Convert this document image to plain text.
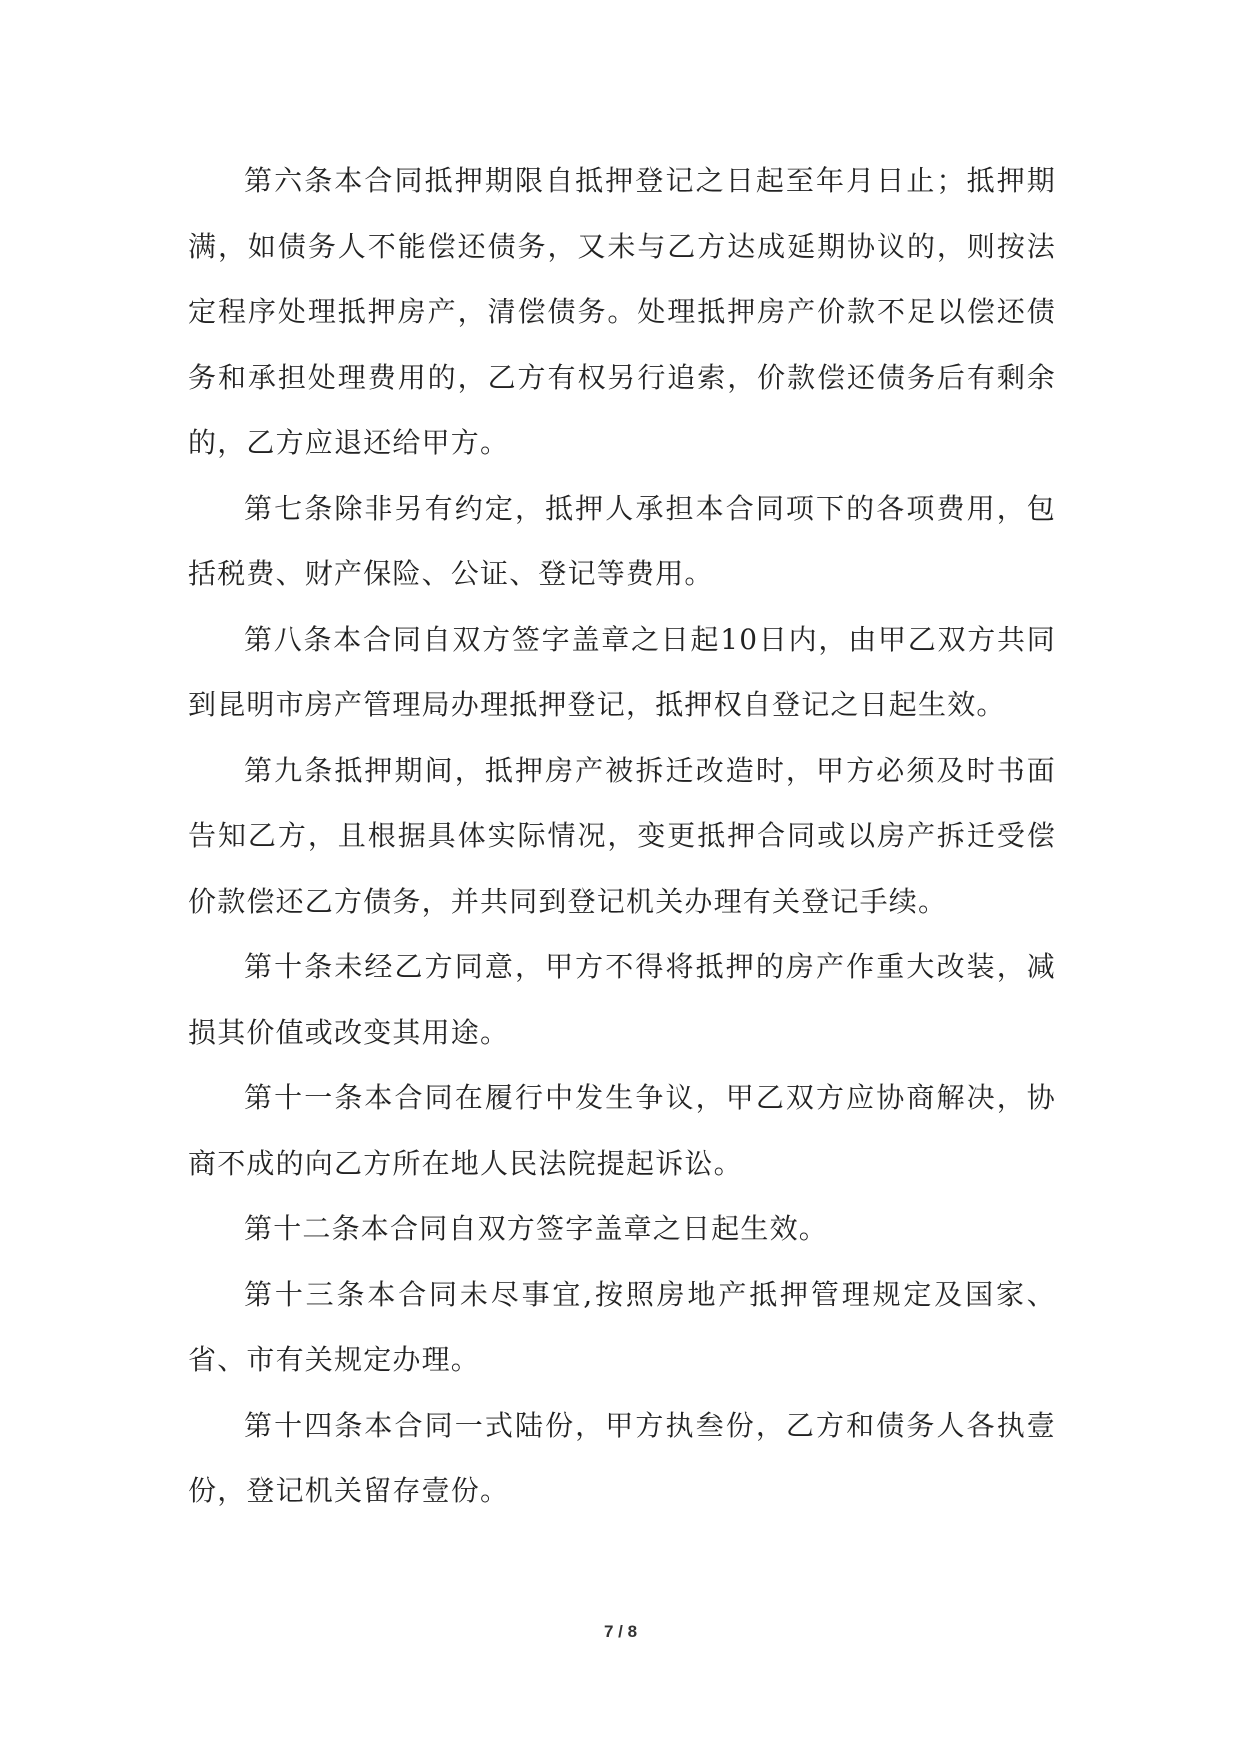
第六条本合同抵押期限自抵押登记之日起至年月日止；抵押期满，如债务人不能偿还债务，又未与乙方达成延期协议的，则按法定程序处理抵押房产，清偿债务。处理抵押房产价款不足以偿还债务和承担处理费用的，乙方有权另行追索，价款偿还债务后有剩余的，乙方应退还给甲方。

第七条除非另有约定，抵押人承担本合同项下的各项费用，包括税费、财产保险、公证、登记等费用。

第八条本合同自双方签字盖章之日起10日内，由甲乙双方共同到昆明市房产管理局办理抵押登记，抵押权自登记之日起生效。

第九条抵押期间，抵押房产被拆迁改造时，甲方必须及时书面告知乙方，且根据具体实际情况，变更抵押合同或以房产拆迁受偿价款偿还乙方债务，并共同到登记机关办理有关登记手续。

第十条未经乙方同意，甲方不得将抵押的房产作重大改装，减损其价值或改变其用途。

第十一条本合同在履行中发生争议，甲乙双方应协商解决，协商不成的向乙方所在地人民法院提起诉讼。

第十二条本合同自双方签字盖章之日起生效。

第十三条本合同未尽事宜,按照房地产抵押管理规定及国家、省、市有关规定办理。

第十四条本合同一式陆份，甲方执叁份，乙方和债务人各执壹份，登记机关留存壹份。

7 / 8
